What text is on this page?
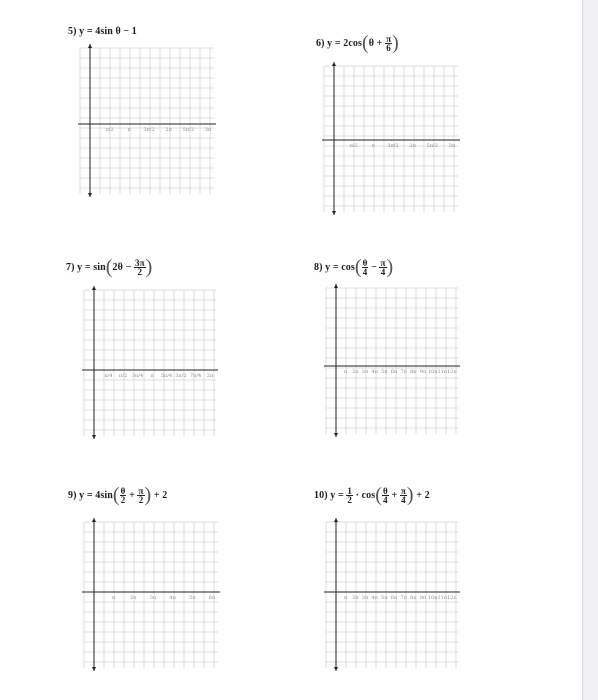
5) y = 4sin θ − 1
π/2	π 3π/2 2π 5π/2 3π
6) $y = 2\cos(\theta + \frac{\pi}{6}$ )
π/2	π 3π/2 2π 5π/2 3π
7) $y = \sin(2\theta - \frac{3\pi}{2}$ )
π/4 π/2 3π/4 π 5π/4 3π/2 7π/4 2π
8) $y = \cos( \frac{\theta}{4} - \frac{\pi}{4}$ )
π 2π 3π 4π 5π 6π 7π 8π 9π 10π 11π 12π
9) $y = 4\sin( \frac{\theta}{2} + \frac{\pi}{2}$ ) + 2
π	2π	3π	4π	5π	6π
10) $y = \frac{1}{2} \cdot \cos( \frac{\theta}{4} + \frac{\pi}{4}$ ) + 2
π 2π 3π 4π 5π 6π 7π 8π 9π 10π 11π 12π
